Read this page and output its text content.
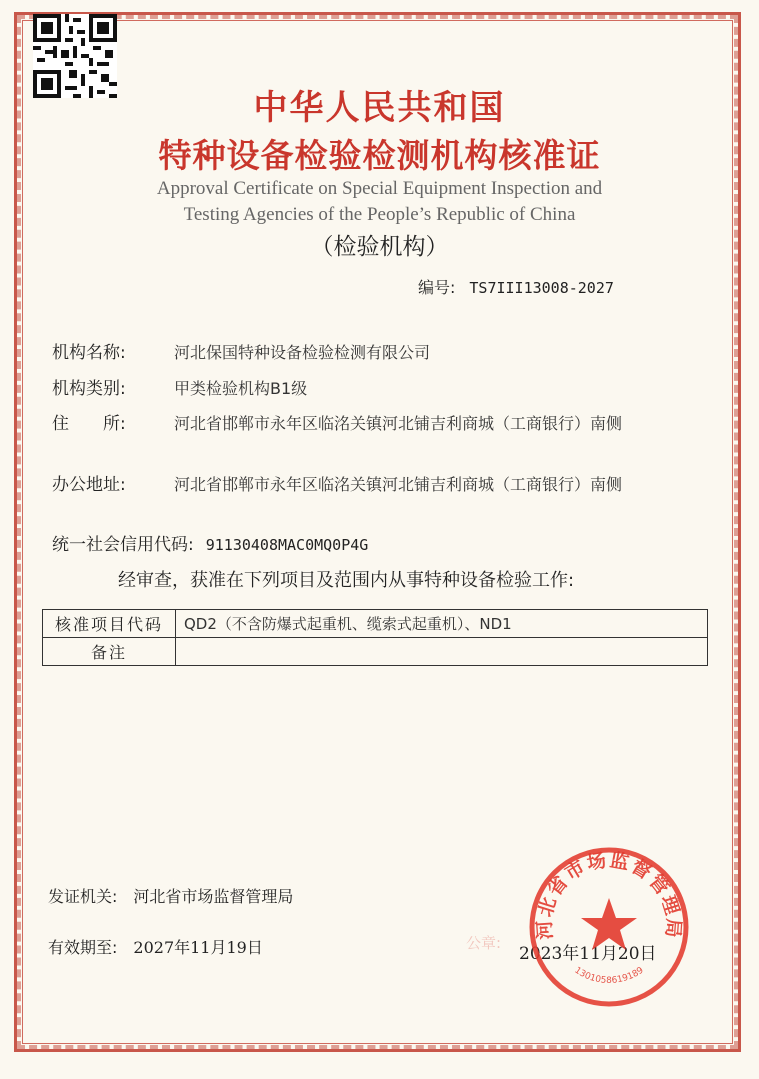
中华人民共和国
特种设备检验检测机构核准证
Approval Certificate on Special Equipment Inspection and
Testing Agencies of the People’s Republic of China
（检验机构）
编号: TS7III13008-2027
机构名称:	河北保国特种设备检验检测有限公司
机构类别:	甲类检验机构B1级
住　　所:	河北省邯郸市永年区临洺关镇河北铺吉利商城（工商银行）南侧
办公地址:	河北省邯郸市永年区临洺关镇河北铺吉利商城（工商银行）南侧
统一社会信用代码: 91130408MAC0MQ0P4G
经审查，获准在下列项目及范围内从事特种设备检验工作:
核准项目代码	QD2（不含防爆式起重机、缆索式起重机）、ND1
备注	
发证机关: 河北省市场监督管理局
有效期至: 2027年11月19日	公章:
2023年11月20日
河北省市场监督管理局
1301058619189
